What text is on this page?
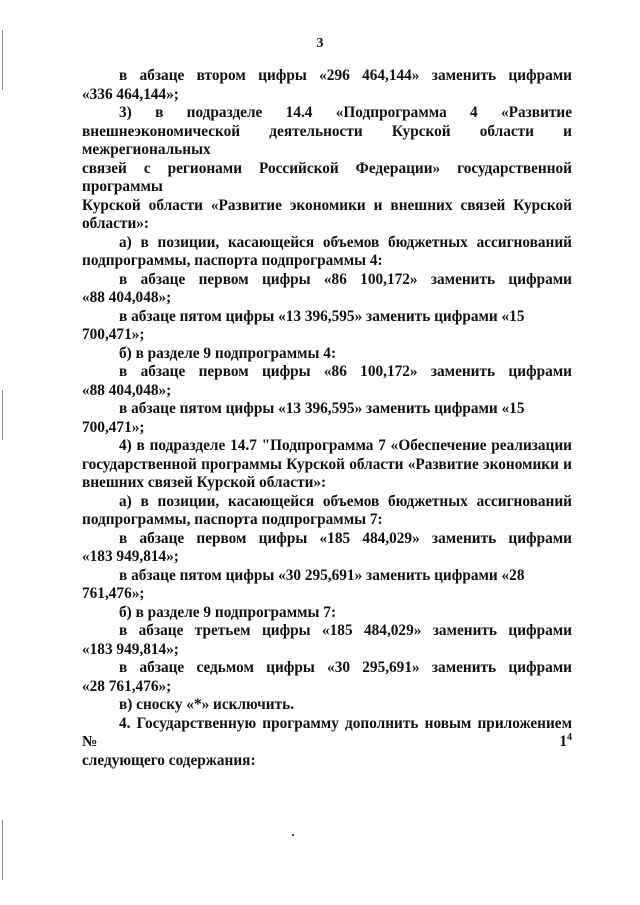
3

в абзаце втором цифры «296 464,144» заменить цифрами

«336 464,144»;

3) в подразделе 14.4 «Подпрограмма 4 «Развитие

внешнеэкономической деятельности Курской области и межрегиональных

связей с регионами Российской Федерации» государственной программы

Курской области «Развитие экономики и внешних связей Курской

области»:

а) в позиции, касающейся объемов бюджетных ассигнований

подпрограммы, паспорта подпрограммы 4:

в абзаце первом цифры «86 100,172» заменить цифрами

«88 404,048»;

в абзаце пятом цифры «13 396,595» заменить цифрами «15 700,471»;

б) в разделе 9 подпрограммы 4:

в абзаце первом цифры «86 100,172» заменить цифрами

«88 404,048»;

в абзаце пятом цифры «13 396,595» заменить цифрами «15 700,471»;

4) в подразделе 14.7 "Подпрограмма 7 «Обеспечение реализации

государственной программы Курской области «Развитие экономики и

внешних связей Курской области»:

а) в позиции, касающейся объемов бюджетных ассигнований

подпрограммы, паспорта подпрограммы 7:

в абзаце первом цифры «185 484,029» заменить цифрами

«183 949,814»;

в абзаце пятом цифры «30 295,691» заменить цифрами «28 761,476»;

б) в разделе 9 подпрограммы 7:

в абзаце третьем цифры «185 484,029» заменить цифрами

«183 949,814»;

в абзаце седьмом цифры «30 295,691» заменить цифрами

«28 761,476»;

в) сноску «*» исключить.

4. Государственную программу дополнить новым приложением № $1^4$

следующего содержания:
